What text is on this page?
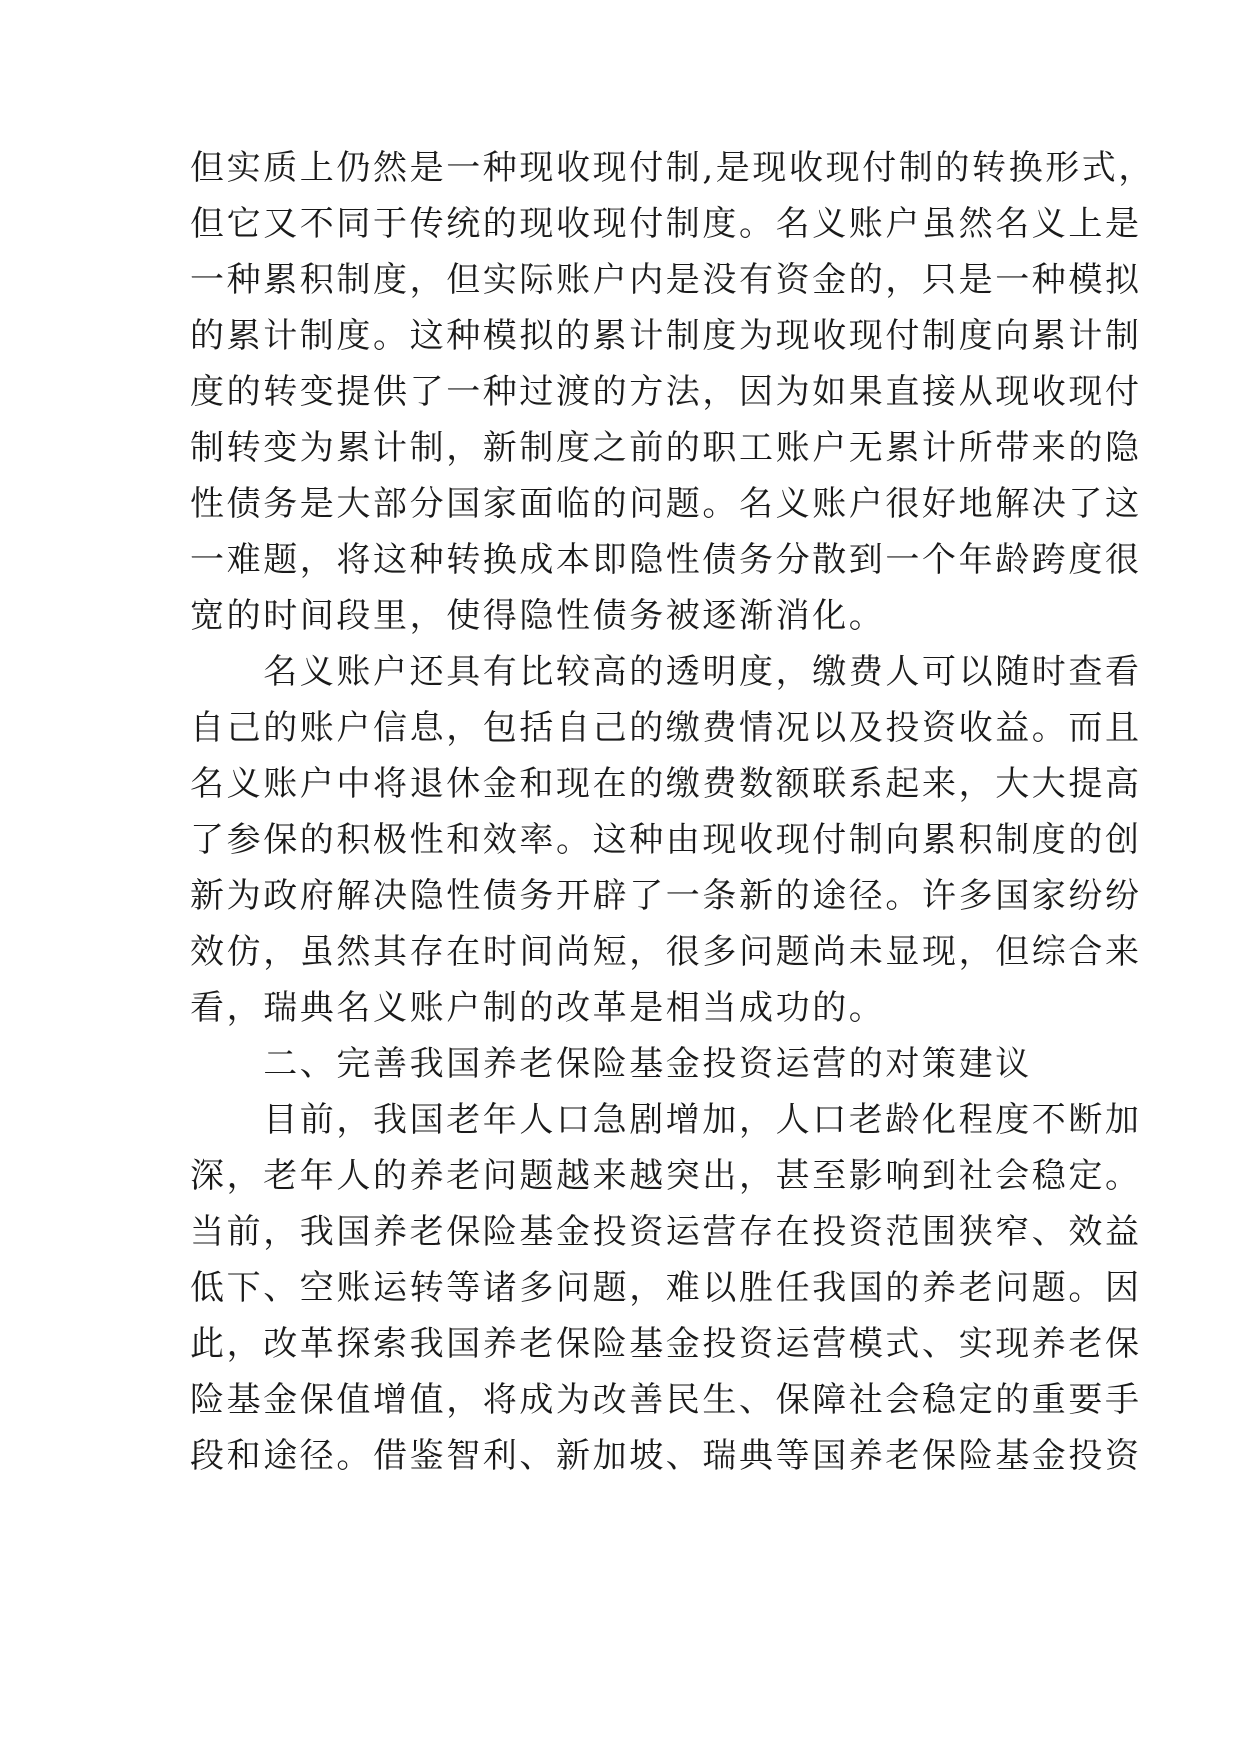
但实质上仍然是一种现收现付制,是现收现付制的转换形式，
但它又不同于传统的现收现付制度。名义账户虽然名义上是
一种累积制度，但实际账户内是没有资金的，只是一种模拟
的累计制度。这种模拟的累计制度为现收现付制度向累计制
度的转变提供了一种过渡的方法，因为如果直接从现收现付
制转变为累计制，新制度之前的职工账户无累计所带来的隐
性债务是大部分国家面临的问题。名义账户很好地解决了这
一难题，将这种转换成本即隐性债务分散到一个年龄跨度很
宽的时间段里，使得隐性债务被逐渐消化。
　　名义账户还具有比较高的透明度，缴费人可以随时查看
自己的账户信息，包括自己的缴费情况以及投资收益。而且
名义账户中将退休金和现在的缴费数额联系起来，大大提高
了参保的积极性和效率。这种由现收现付制向累积制度的创
新为政府解决隐性债务开辟了一条新的途径。许多国家纷纷
效仿，虽然其存在时间尚短，很多问题尚未显现，但综合来
看，瑞典名义账户制的改革是相当成功的。
　　二、完善我国养老保险基金投资运营的对策建议
　　目前，我国老年人口急剧增加，人口老龄化程度不断加
深，老年人的养老问题越来越突出，甚至影响到社会稳定。
当前，我国养老保险基金投资运营存在投资范围狭窄、效益
低下、空账运转等诸多问题，难以胜任我国的养老问题。因
此，改革探索我国养老保险基金投资运营模式、实现养老保
险基金保值增值，将成为改善民生、保障社会稳定的重要手
段和途径。借鉴智利、新加坡、瑞典等国养老保险基金投资
